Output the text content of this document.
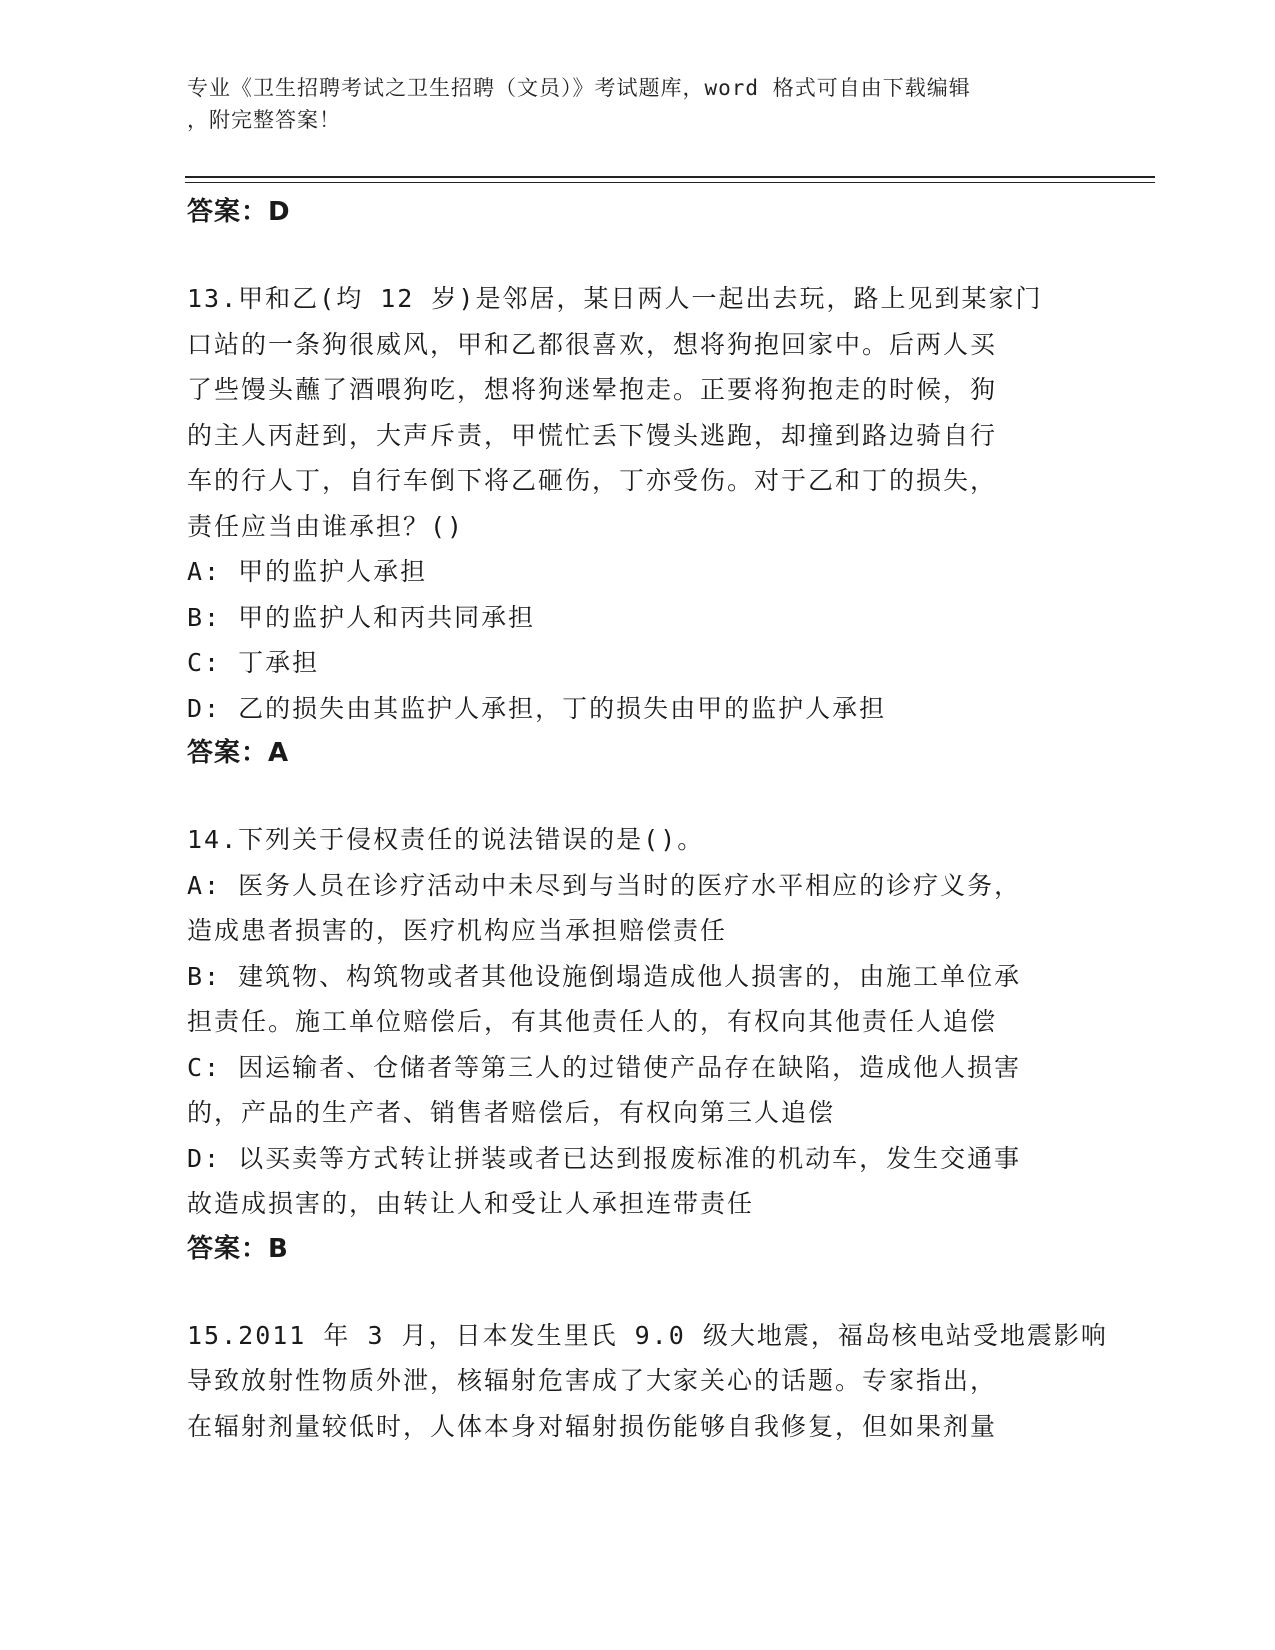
专业《卫生招聘考试之卫生招聘（文员）》考试题库，word 格式可自由下载编辑
，附完整答案！
答案：D
13.甲和乙(均 12 岁)是邻居，某日两人一起出去玩，路上见到某家门
口站的一条狗很威风，甲和乙都很喜欢，想将狗抱回家中。后两人买
了些馒头蘸了酒喂狗吃，想将狗迷晕抱走。正要将狗抱走的时候，狗
的主人丙赶到，大声斥责，甲慌忙丢下馒头逃跑，却撞到路边骑自行
车的行人丁，自行车倒下将乙砸伤，丁亦受伤。对于乙和丁的损失，
责任应当由谁承担？()
A: 甲的监护人承担
B: 甲的监护人和丙共同承担
C: 丁承担
D: 乙的损失由其监护人承担，丁的损失由甲的监护人承担
答案：A
14.下列关于侵权责任的说法错误的是()。
A: 医务人员在诊疗活动中未尽到与当时的医疗水平相应的诊疗义务，
造成患者损害的，医疗机构应当承担赔偿责任
B: 建筑物、构筑物或者其他设施倒塌造成他人损害的，由施工单位承
担责任。施工单位赔偿后，有其他责任人的，有权向其他责任人追偿
C: 因运输者、仓储者等第三人的过错使产品存在缺陷，造成他人损害
的，产品的生产者、销售者赔偿后，有权向第三人追偿
D: 以买卖等方式转让拼装或者已达到报废标准的机动车，发生交通事
故造成损害的，由转让人和受让人承担连带责任
答案：B
15.2011 年 3 月，日本发生里氏 9.0 级大地震，福岛核电站受地震影响
导致放射性物质外泄，核辐射危害成了大家关心的话题。专家指出，
在辐射剂量较低时，人体本身对辐射损伤能够自我修复，但如果剂量
